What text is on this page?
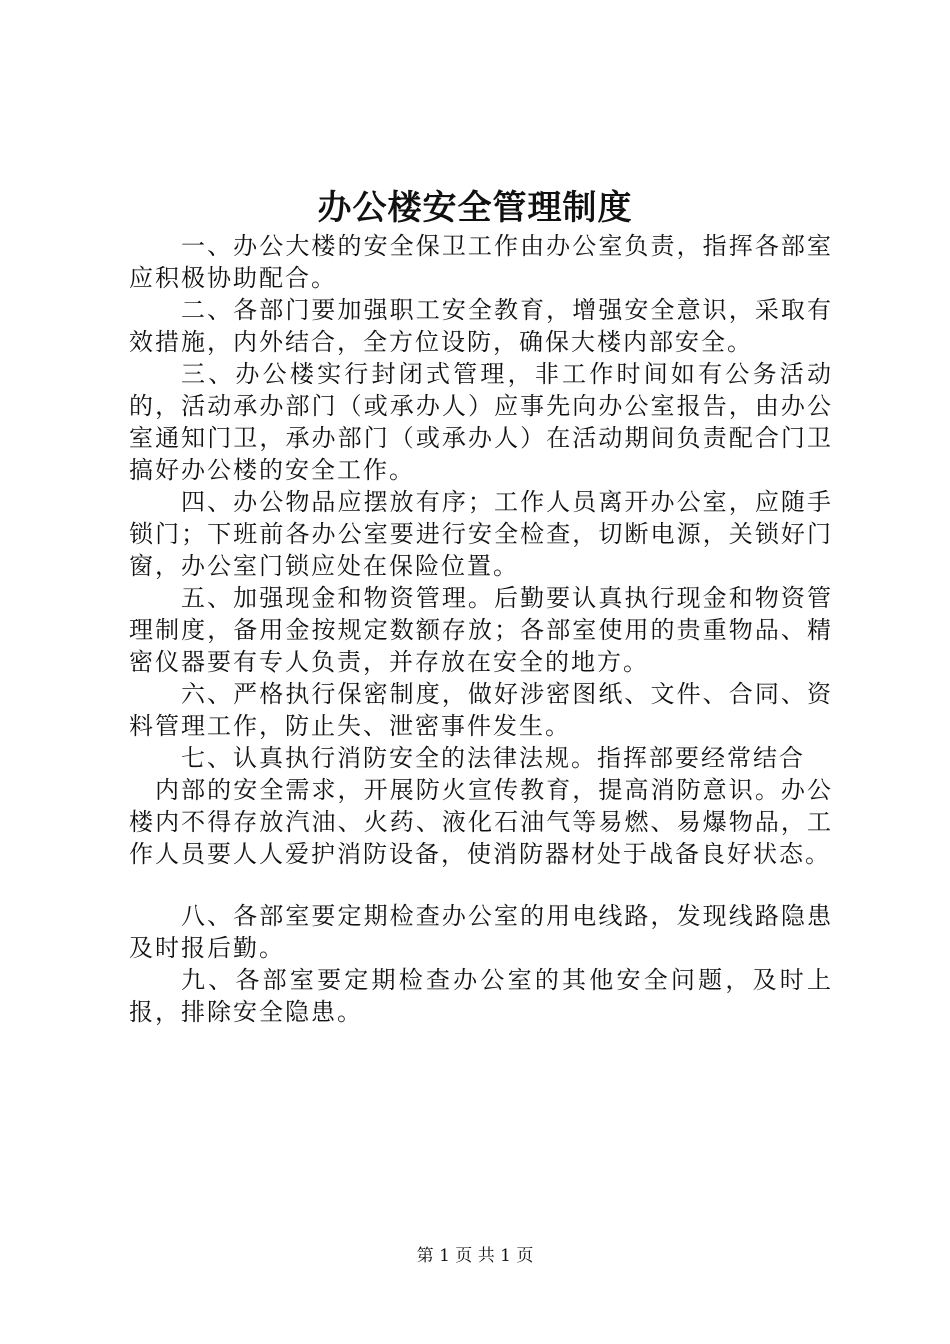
办公楼安全管理制度

一、办公大楼的安全保卫工作由办公室负责，指挥各部室应积极协助配合。

二、各部门要加强职工安全教育，增强安全意识，采取有效措施，内外结合，全方位设防，确保大楼内部安全。

三、办公楼实行封闭式管理，非工作时间如有公务活动的，活动承办部门（或承办人）应事先向办公室报告，由办公室通知门卫，承办部门（或承办人）在活动期间负责配合门卫搞好办公楼的安全工作。

四、办公物品应摆放有序；工作人员离开办公室，应随手锁门；下班前各办公室要进行安全检查，切断电源，关锁好门窗，办公室门锁应处在保险位置。

五、加强现金和物资管理。后勤要认真执行现金和物资管理制度，备用金按规定数额存放；各部室使用的贵重物品、精密仪器要有专人负责，并存放在安全的地方。

六、严格执行保密制度，做好涉密图纸、文件、合同、资料管理工作，防止失、泄密事件发生。

七、认真执行消防安全的法律法规。指挥部要经常结合

内部的安全需求，开展防火宣传教育，提高消防意识。办公楼内不得存放汽油、火药、液化石油气等易燃、易爆物品，工作人员要人人爱护消防设备，使消防器材处于战备良好状态。

八、各部室要定期检查办公室的用电线路，发现线路隐患及时报后勤。

九、各部室要定期检查办公室的其他安全问题，及时上报，排除安全隐患。

第 1 页 共 1 页
